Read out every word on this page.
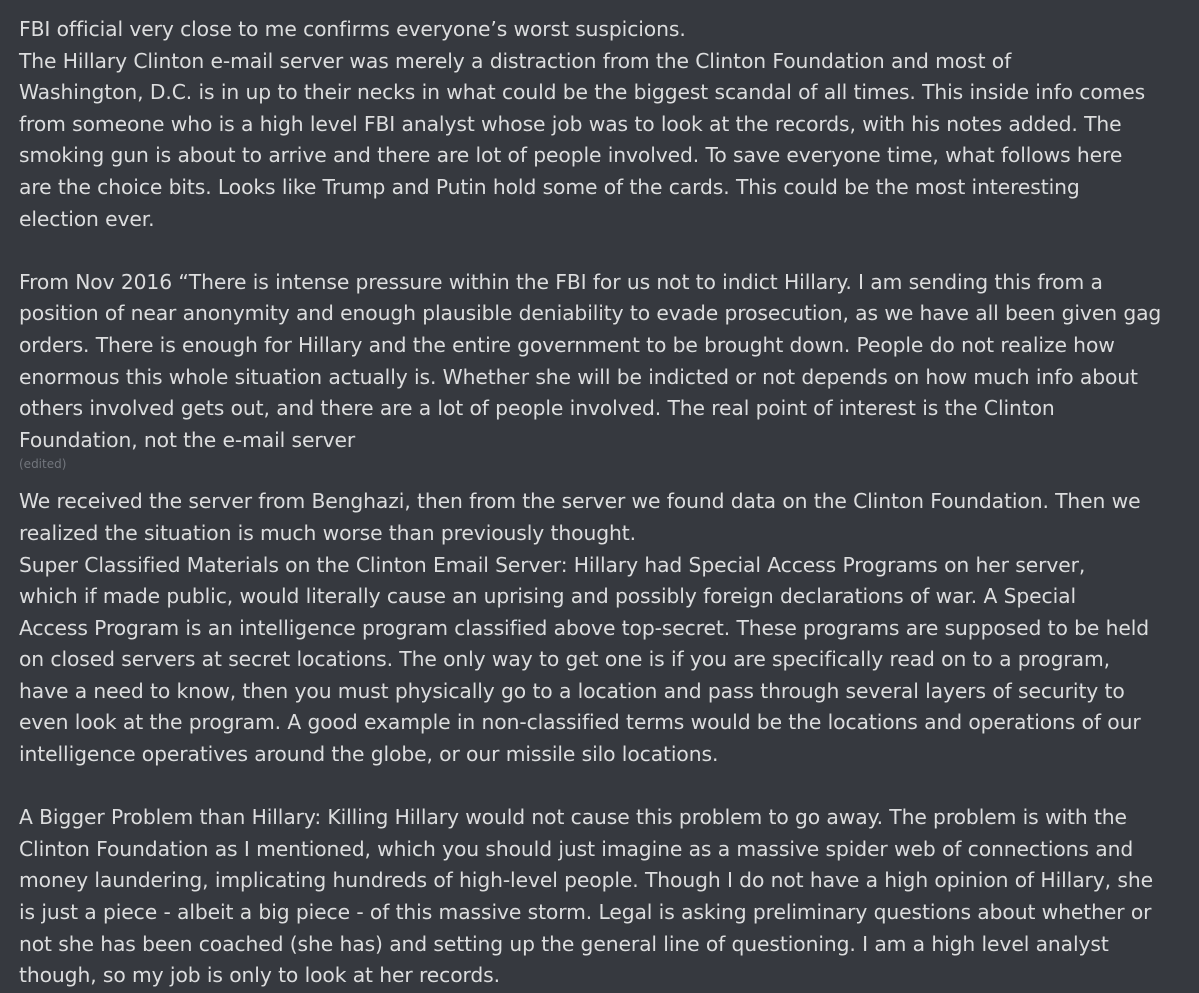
FBI official very close to me confirms everyone’s worst suspicions.
The Hillary Clinton e-mail server was merely a distraction from the Clinton Foundation and most of
Washington, D.C. is in up to their necks in what could be the biggest scandal of all times. This inside info comes
from someone who is a high level FBI analyst whose job was to look at the records, with his notes added. The
smoking gun is about to arrive and there are lot of people involved. To save everyone time, what follows here
are the choice bits. Looks like Trump and Putin hold some of the cards. This could be the most interesting
election ever.
From Nov 2016 “There is intense pressure within the FBI for us not to indict Hillary. I am sending this from a
position of near anonymity and enough plausible deniability to evade prosecution, as we have all been given gag
orders. There is enough for Hillary and the entire government to be brought down. People do not realize how
enormous this whole situation actually is. Whether she will be indicted or not depends on how much info about
others involved gets out, and there are a lot of people involved. The real point of interest is the Clinton
Foundation, not the e-mail server
(edited)
We received the server from Benghazi, then from the server we found data on the Clinton Foundation. Then we
realized the situation is much worse than previously thought.
Super Classified Materials on the Clinton Email Server: Hillary had Special Access Programs on her server,
which if made public, would literally cause an uprising and possibly foreign declarations of war. A Special
Access Program is an intelligence program classified above top-secret. These programs are supposed to be held
on closed servers at secret locations. The only way to get one is if you are specifically read on to a program,
have a need to know, then you must physically go to a location and pass through several layers of security to
even look at the program. A good example in non-classified terms would be the locations and operations of our
intelligence operatives around the globe, or our missile silo locations.
A Bigger Problem than Hillary: Killing Hillary would not cause this problem to go away. The problem is with the
Clinton Foundation as I mentioned, which you should just imagine as a massive spider web of connections and
money laundering, implicating hundreds of high-level people. Though I do not have a high opinion of Hillary, she
is just a piece - albeit a big piece - of this massive storm. Legal is asking preliminary questions about whether or
not she has been coached (she has) and setting up the general line of questioning. I am a high level analyst
though, so my job is only to look at her records.
